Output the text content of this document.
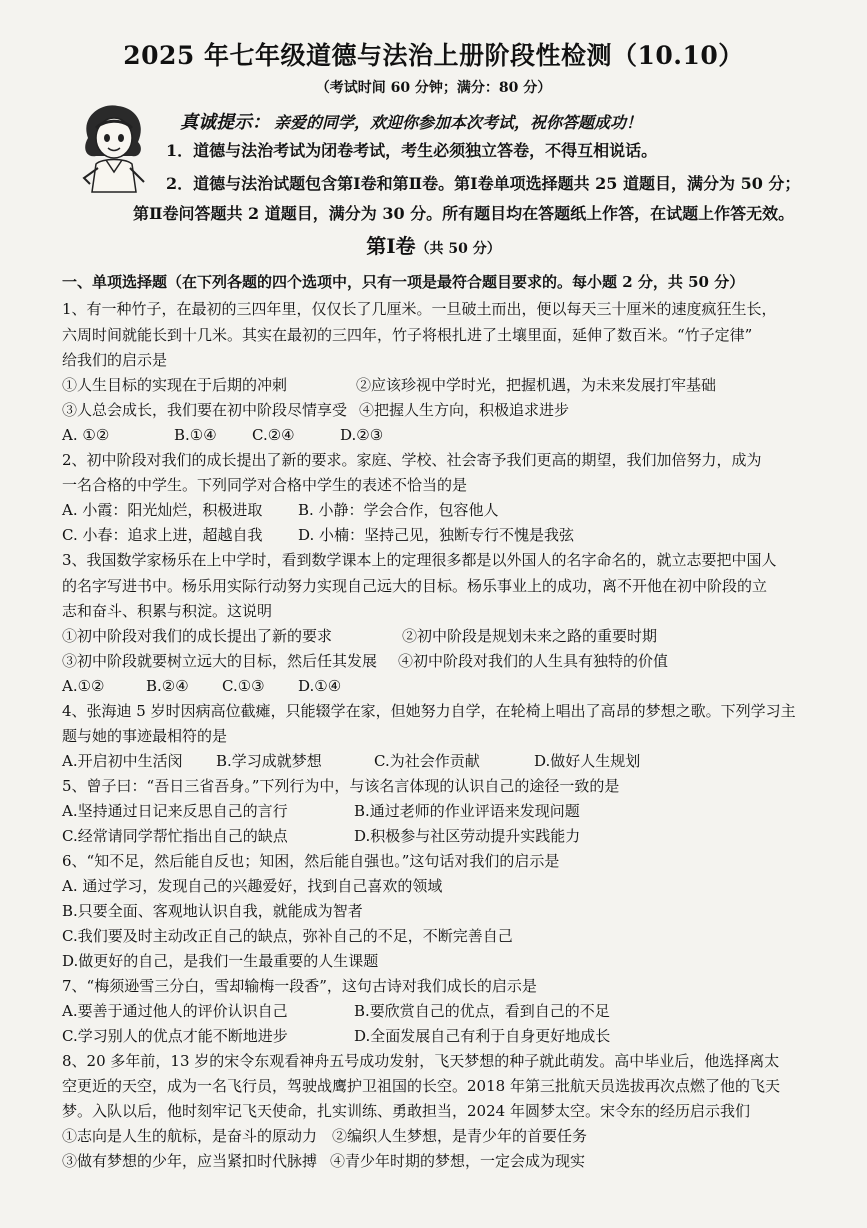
2025 年七年级道德与法治上册阶段性检测（10.10）
（考试时间 60 分钟；满分：80 分）
真诚提示： 亲爱的同学，欢迎你参加本次考试，祝你答题成功！
1．道德与法治考试为闭卷考试，考生必须独立答卷，不得互相说话。
2．道德与法治试题包含第Ⅰ卷和第Ⅱ卷。第Ⅰ卷单项选择题共 25 道题目，满分为 50 分；
第Ⅱ卷问答题共 2 道题目，满分为 30 分。所有题目均在答题纸上作答，在试题上作答无效。
第Ⅰ卷（共 50 分）
一、单项选择题（在下列各题的四个选项中，只有一项是最符合题目要求的。每小题 2 分，共 50 分）
1、有一种竹子，在最初的三四年里，仅仅长了几厘米。一旦破土而出，便以每天三十厘米的速度疯狂生长，
六周时间就能长到十几米。其实在最初的三四年，竹子将根扎进了土壤里面，延伸了数百米。“竹子定律”
给我们的启示是
①人生目标的实现在于后期的冲刺	②应该珍视中学时光，把握机遇，为未来发展打牢基础
③人总会成长，我们要在初中阶段尽情享受 ④把握人生方向，积极追求进步
A. ①②	B.①④ C.②④	D.②③
2、初中阶段对我们的成长提出了新的要求。家庭、学校、社会寄予我们更高的期望，我们加倍努力，成为
一名合格的中学生。下列同学对合格中学生的表述不恰当的是
A. 小霞：阳光灿烂，积极进取 B. 小静：学会合作，包容他人
C. 小春：追求上进，超越自我 D. 小楠：坚持己见，独断专行不愧是我弦
3、我国数学家杨乐在上中学时，看到数学课本上的定理很多都是以外国人的名字命名的，就立志要把中国人
的名字写进书中。杨乐用实际行动努力实现自己远大的目标。杨乐事业上的成功，离不开他在初中阶段的立
志和奋斗、积累与积淀。这说明
①初中阶段对我们的成长提出了新的要求	②初中阶段是规划未来之路的重要时期
③初中阶段就要树立远大的目标，然后任其发展 ④初中阶段对我们的人生具有独特的价值
A.①②	B.②④ C.①③ D.①④
4、张海迪 5 岁时因病高位截瘫，只能辍学在家，但她努力自学，在轮椅上唱出了高昂的梦想之歌。下列学习主
题与她的事迹最相符的是
A.开启初中生活闵 B.学习成就梦想	C.为社会作贡献	D.做好人生规划
5、曾子曰：“吾日三省吾身。”下列行为中，与该名言体现的认识自己的途径一致的是
A.坚持通过日记来反思自己的言行	B.通过老师的作业评语来发现问题
C.经常请同学帮忙指出自己的缺点	D.积极参与社区劳动提升实践能力
6、“知不足，然后能自反也；知困，然后能自强也。”这句话对我们的启示是
A. 通过学习，发现自己的兴趣爱好，找到自己喜欢的领域
B.只要全面、客观地认识自我，就能成为智者
C.我们要及时主动改正自己的缺点，弥补自己的不足，不断完善自己
D.做更好的自己，是我们一生最重要的人生课题
7、“梅须逊雪三分白，雪却输梅一段香”，这句古诗对我们成长的启示是
A.要善于通过他人的评价认识自己	B.要欣赏自己的优点，看到自己的不足
C.学习别人的优点才能不断地进步	D.全面发展自己有利于自身更好地成长
8、20 多年前，13 岁的宋令东观看神舟五号成功发射，飞天梦想的种子就此萌发。高中毕业后，他选择离太
空更近的天空，成为一名飞行员，驾驶战鹰护卫祖国的长空。2018 年第三批航天员选拔再次点燃了他的飞天
梦。入队以后，他时刻牢记飞天使命，扎实训练、勇敢担当，2024 年圆梦太空。宋令东的经历启示我们
①志向是人生的航标，是奋斗的原动力 ②编织人生梦想，是青少年的首要任务
③做有梦想的少年，应当紧扣时代脉搏 ④青少年时期的梦想，一定会成为现实
